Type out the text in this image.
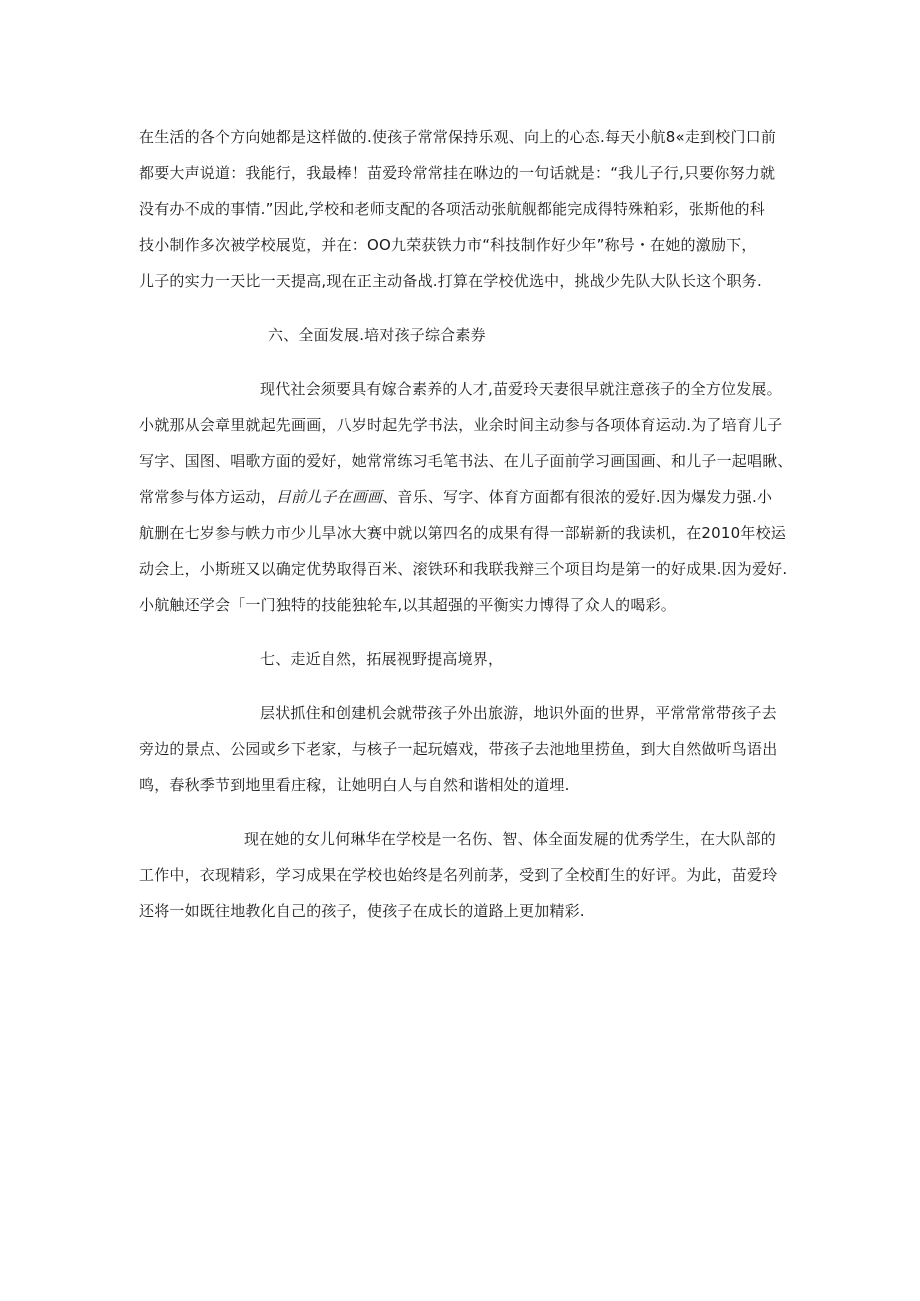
在生活的各个方向她都是这样做的.使孩子常常保持乐观、向上的心态.每天小航8«走到校门口前

都要大声说道：我能行，我最棒！苗爱玲常常挂在咻边的一句话就是：“我儿子行,只要你努力就

没有办不成的事情.”因此,学校和老师支配的各项活动张航舰都能完成得特殊粕彩，张斯他的科

技小制作多次被学校展览，并在：OO九荣获铁力市“科技制作好少年”称号・在她的激励下，

儿子的实力一天比一天提高,现在正主动备战.打算在学校优选中，挑战少先队大队长这个职务.

六、全面发展.培对孩子综合素券

现代社会须要具有嫁合素养的人才,苗爱玲天妻很早就注意孩子的全方位发展。

小就那从会章里就起先画画，八岁时起先学书法，业余时间主动参与各项体育运动.为了培育儿子

写字、国图、唱歌方面的爱好，她常常练习毛笔书法、在儿子面前学习画国画、和儿子一起唱瞅、

常常参与体方运动，目前儿子在画画、音乐、写字、体育方面都有很浓的爱好.因为爆发力强.小

航删在七岁参与帙力市少儿旱冰大赛中就以第四名的成果有得一部崭新的我读机，在2010年校运

动会上，小斯班又以确定优势取得百米、滚铁环和我联我辩三个项目均是第一的好成果.因为爱好.

小航触还学会「一门独特的技能独轮车,以其超强的平衡实力博得了众人的喝彩。

七、走近自然，拓展视野提高境界，

层状抓住和创建机会就带孩子外出旅游，地识外面的世界，平常常常带孩子去

旁边的景点、公园或乡下老家，与核子一起玩嬉戏，带孩子去池地里捞鱼，到大自然做听鸟语出

鸣，春秋季节到地里看庄稼，让她明白人与自然和谐相处的道埋.

现在她的女儿何琳华在学校是一名伤、智、体全面发屣的优秀学生，在大队部的

工作中，衣现精彩，学习成果在学校也始终是名列前茅，受到了全校酊生的好评。为此，苗爱玲

还将一如既往地教化自己的孩子，使孩子在成长的道路上更加精彩.
